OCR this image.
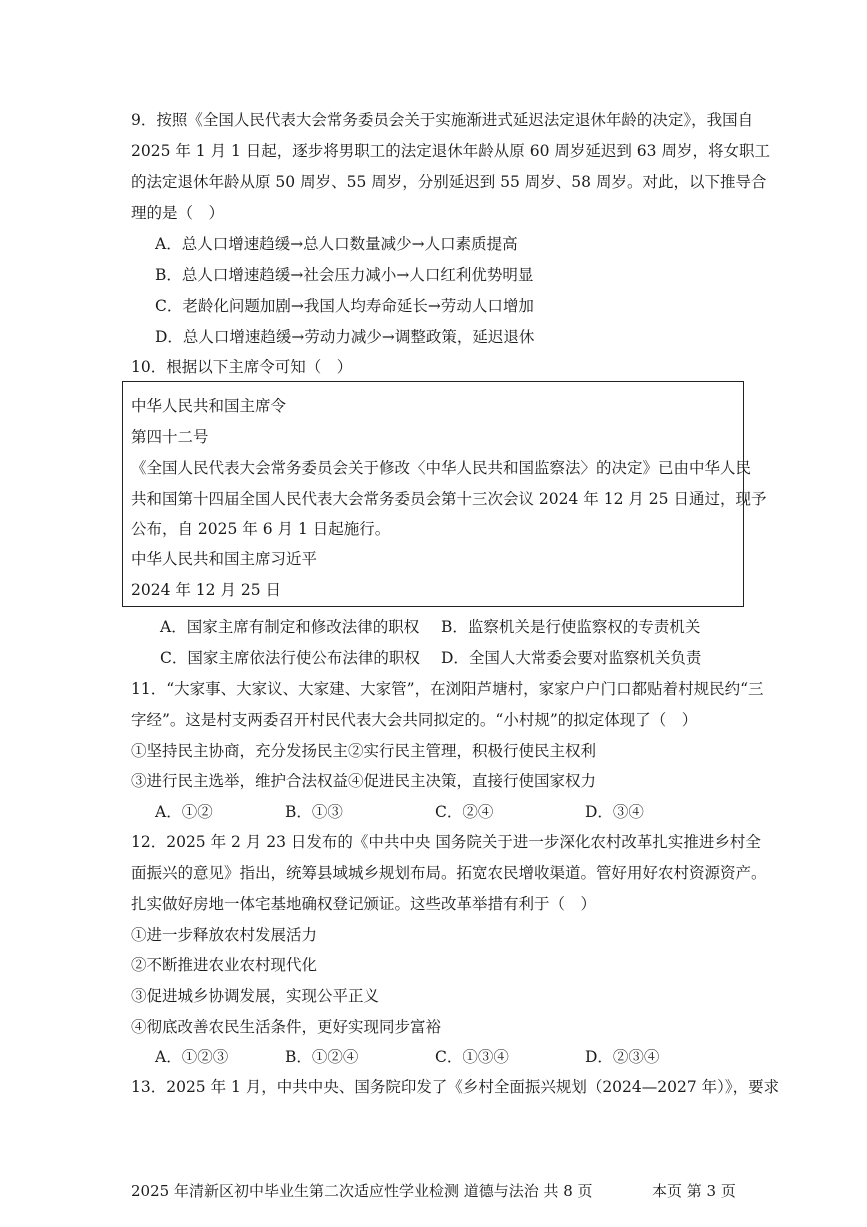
9．按照《全国人民代表大会常务委员会关于实施渐进式延迟法定退休年龄的决定》，我国自
2025 年 1 月 1 日起，逐步将男职工的法定退休年龄从原 60 周岁延迟到 63 周岁，将女职工
的法定退休年龄从原 50 周岁、55 周岁，分别延迟到 55 周岁、58 周岁。对此，以下推导合
理的是（　）
A．总人口增速趋缓→总人口数量减少→人口素质提高
B．总人口增速趋缓→社会压力减小→人口红利优势明显
C．老龄化问题加剧→我国人均寿命延长→劳动人口增加
D．总人口增速趋缓→劳动力减少→调整政策，延迟退休
10．根据以下主席令可知（　）
中华人民共和国主席令
第四十二号
《全国人民代表大会常务委员会关于修改〈中华人民共和国监察法〉的决定》已由中华人民
共和国第十四届全国人民代表大会常务委员会第十三次会议 2024 年 12 月 25 日通过，现予
公布，自 2025 年 6 月 1 日起施行。
中华人民共和国主席习近平
2024 年 12 月 25 日
A．国家主席有制定和修改法律的职权 B．监察机关是行使监察权的专责机关
C．国家主席依法行使公布法律的职权 D．全国人大常委会要对监察机关负责
11．“大家事、大家议、大家建、大家管”，在浏阳芦塘村，家家户户门口都贴着村规民约“三
字经”。这是村支两委召开村民代表大会共同拟定的。“小村规”的拟定体现了（　）
①坚持民主协商，充分发扬民主②实行民主管理，积极行使民主权利
③进行民主选举，维护合法权益④促进民主决策，直接行使国家权力
A．①②	B．①③	C．②④	D．③④
12．2025 年 2 月 23 日发布的《中共中央 国务院关于进一步深化农村改革扎实推进乡村全
面振兴的意见》指出，统筹县域城乡规划布局。拓宽农民增收渠道。管好用好农村资源资产。
扎实做好房地一体宅基地确权登记颁证。这些改革举措有利于（　）
①进一步释放农村发展活力
②不断推进农业农村现代化
③促进城乡协调发展，实现公平正义
④彻底改善农民生活条件，更好实现同步富裕
A．①②③	B．①②④	C．①③④	D．②③④
13．2025 年 1 月，中共中央、国务院印发了《乡村全面振兴规划（2024—2027 年）》，要求
2025 年清新区初中毕业生第二次适应性学业检测 道德与法治 共 8 页	本页 第 3 页
